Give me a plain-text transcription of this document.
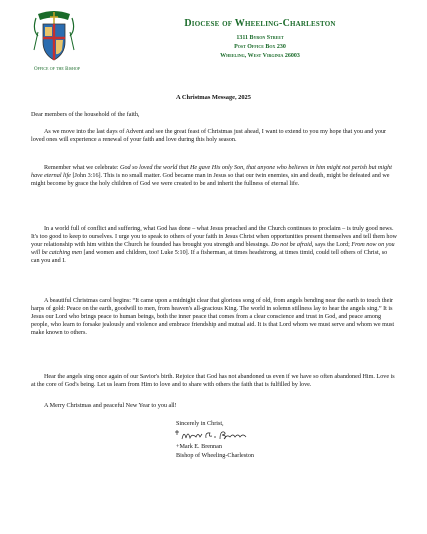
Office of the Bishop
Diocese of Wheeling-Charleston
1311 Byron Street
Post Office Box 230
Wheeling, West Virginia 26003
A Christmas Message, 2025
Dear members of the household of the faith,
As we move into the last days of Advent and see the great feast of Christmas just ahead, I want to extend to you my hope that you and your loved ones will experience a renewal of your faith and love during this holy season.
Remember what we celebrate: God so loved the world that He gave His only Son, that anyone who believes in him might not perish but might have eternal life [John 3:16]. This is no small matter. God became man in Jesus so that our twin enemies, sin and death, might be defeated and we might become by grace the holy children of God we were created to be and inherit the fullness of eternal life.
In a world full of conflict and suffering, what God has done – what Jesus preached and the Church continues to proclaim – is truly good news. It's too good to keep to ourselves. I urge you to speak to others of your faith in Jesus Christ when opportunities present themselves and tell them how your relationship with him within the Church he founded has brought you strength and blessings. Do not be afraid, says the Lord; From now on you will be catching men [and women and children, too! Luke 5:10]. If a fisherman, at times headstrong, at times timid, could tell others of Christ, so can you and I.
A beautiful Christmas carol begins: “It came upon a midnight clear that glorious song of old, from angels bending near the earth to touch their harps of gold: Peace on the earth, goodwill to men, from heaven's all-gracious King. The world in solemn stillness lay to hear the angels sing.” It is Jesus our Lord who brings peace to human beings, both the inner peace that comes from a clear conscience and trust in God, and peace among people, who learn to forsake jealously and violence and embrace friendship and mutual aid. It is that Lord whom we must serve and whom we must make known to others.
Hear the angels sing once again of our Savior's birth. Rejoice that God has not abandoned us even if we have so often abandoned Him. Love is at the core of God's being. Let us learn from Him to love and to share with others the faith that is fulfilled by love.
A Merry Christmas and peaceful New Year to you all!
Sincerely in Christ,
+Mark E. Brennan
Bishop of Wheeling-Charleston
